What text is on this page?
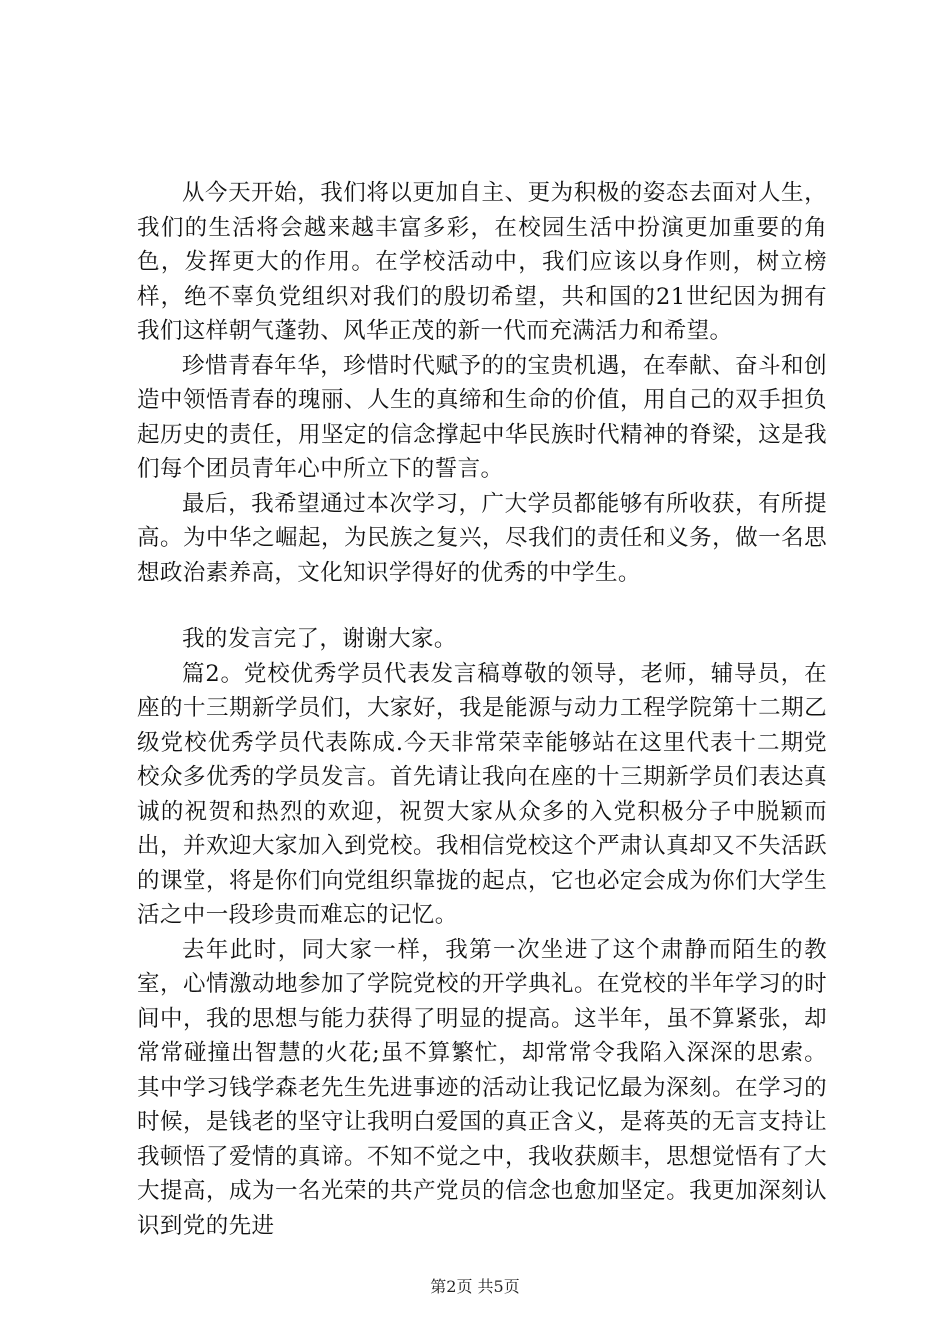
从今天开始，我们将以更加自主、更为积极的姿态去面对人生，我们的生活将会越来越丰富多彩，在校园生活中扮演更加重要的角色，发挥更大的作用。在学校活动中，我们应该以身作则，树立榜样，绝不辜负党组织对我们的殷切希望，共和国的21世纪因为拥有我们这样朝气蓬勃、风华正茂的新一代而充满活力和希望。

珍惜青春年华，珍惜时代赋予的的宝贵机遇，在奉献、奋斗和创造中领悟青春的瑰丽、人生的真缔和生命的价值，用自己的双手担负起历史的责任，用坚定的信念撑起中华民族时代精神的脊梁，这是我们每个团员青年心中所立下的誓言。

最后，我希望通过本次学习，广大学员都能够有所收获，有所提高。为中华之崛起，为民族之复兴，尽我们的责任和义务，做一名思想政治素养高，文化知识学得好的优秀的中学生。

我的发言完了，谢谢大家。

篇2。党校优秀学员代表发言稿尊敬的领导，老师，辅导员，在座的十三期新学员们，大家好，我是能源与动力工程学院第十二期乙级党校优秀学员代表陈成.今天非常荣幸能够站在这里代表十二期党校众多优秀的学员发言。首先请让我向在座的十三期新学员们表达真诚的祝贺和热烈的欢迎，祝贺大家从众多的入党积极分子中脱颖而出，并欢迎大家加入到党校。我相信党校这个严肃认真却又不失活跃的课堂，将是你们向党组织靠拢的起点，它也必定会成为你们大学生活之中一段珍贵而难忘的记忆。

去年此时，同大家一样，我第一次坐进了这个肃静而陌生的教室，心情激动地参加了学院党校的开学典礼。在党校的半年学习的时间中，我的思想与能力获得了明显的提高。这半年，虽不算紧张，却常常碰撞出智慧的火花;虽不算繁忙，却常常令我陷入深深的思索。其中学习钱学森老先生先进事迹的活动让我记忆最为深刻。在学习的时候，是钱老的坚守让我明白爱国的真正含义，是蒋英的无言支持让我顿悟了爱情的真谛。不知不觉之中，我收获颇丰，思想觉悟有了大大提高，成为一名光荣的共产党员的信念也愈加坚定。我更加深刻认识到党的先进

第2页 共5页
